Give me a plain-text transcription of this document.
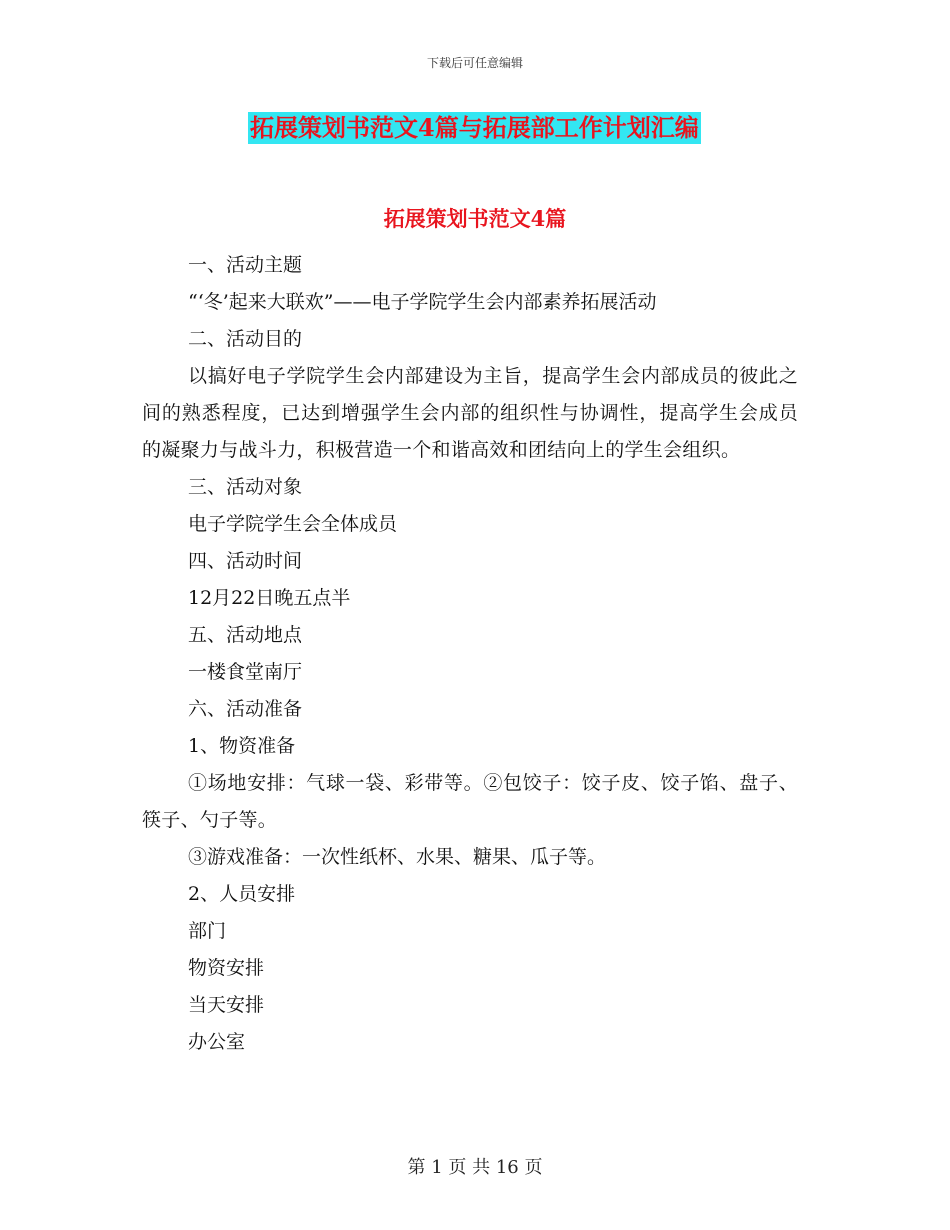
下载后可任意编辑
拓展策划书范文4篇与拓展部工作计划汇编
拓展策划书范文4篇

一、活动主题

“‘冬’起来大联欢”——电子学院学生会内部素养拓展活动

二、活动目的

以搞好电子学院学生会内部建设为主旨，提高学生会内部成员的彼此之间的熟悉程度，已达到增强学生会内部的组织性与协调性，提高学生会成员的凝聚力与战斗力，积极营造一个和谐高效和团结向上的学生会组织。

三、活动对象

电子学院学生会全体成员

四、活动时间

12月22日晚五点半

五、活动地点

一楼食堂南厅

六、活动准备

1、物资准备

①场地安排：气球一袋、彩带等。②包饺子：饺子皮、饺子馅、盘子、筷子、勺子等。

③游戏准备：一次性纸杯、水果、糖果、瓜子等。

2、人员安排

部门

物资安排

当天安排

办公室

第 1 页 共 16 页
